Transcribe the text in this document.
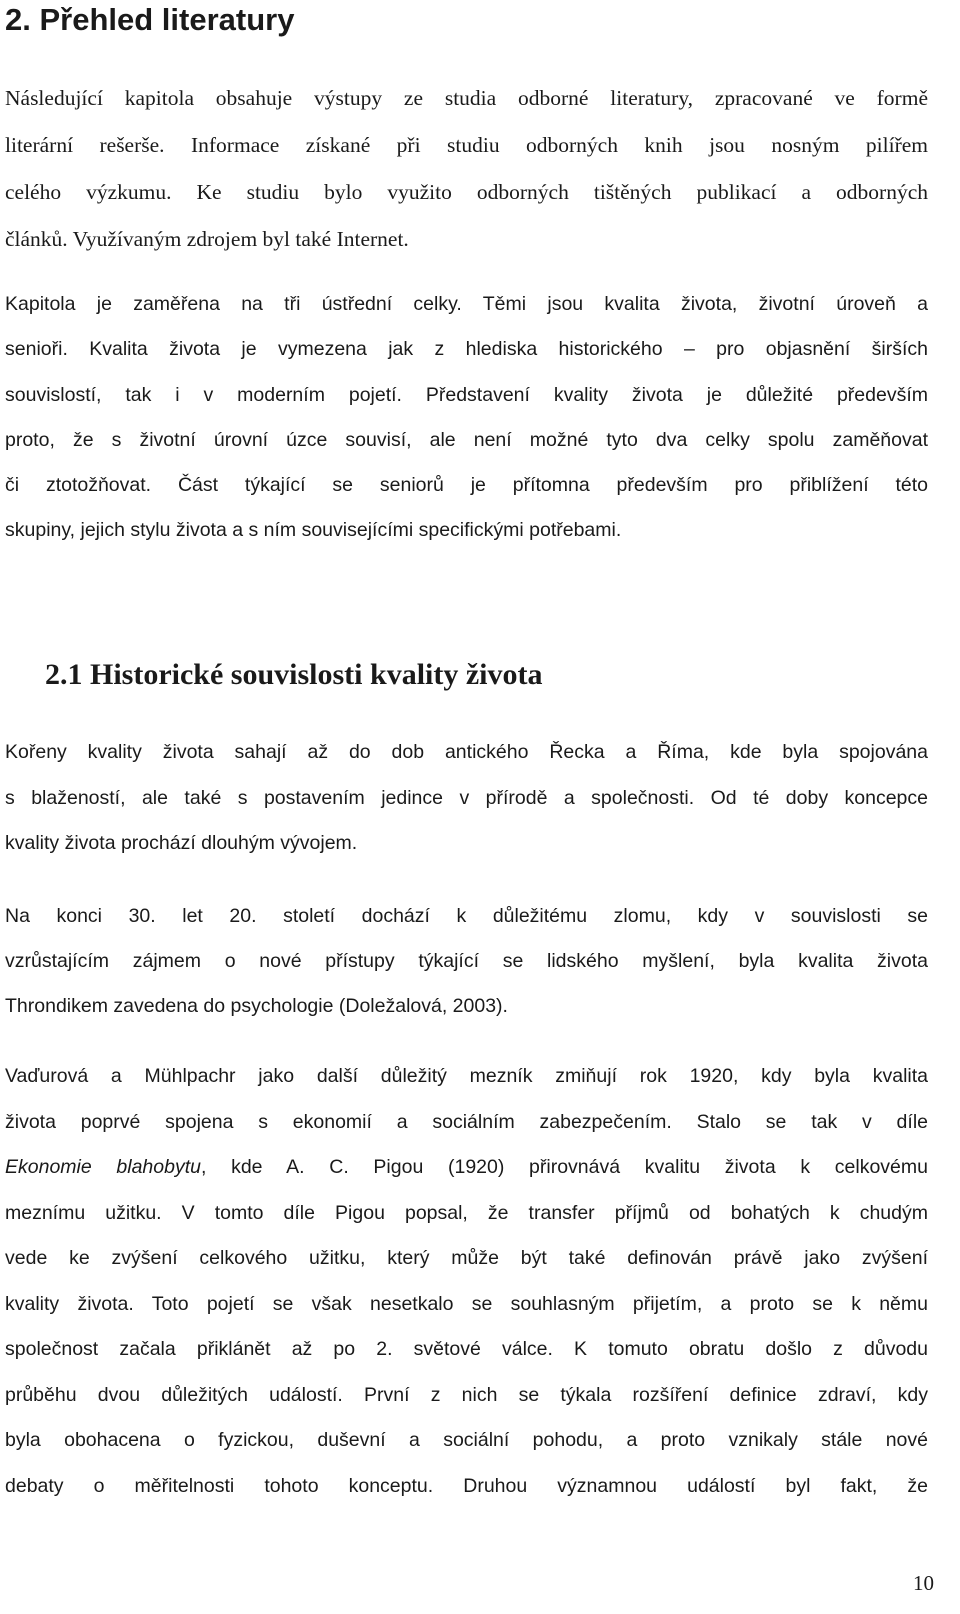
2. Přehled literatury

Následující kapitola obsahuje výstupy ze studia odborné literatury, zpracované ve formě
literární rešerše. Informace získané při studiu odborných knih jsou nosným pilířem
celého výzkumu. Ke studiu bylo využito odborných tištěných publikací a odborných
článků. Využívaným zdrojem byl také Internet.

Kapitola je zaměřena na tři ústřední celky. Těmi jsou kvalita života, životní úroveň a
senioři. Kvalita života je vymezena jak z hlediska historického – pro objasnění širších
souvislostí, tak i v moderním pojetí. Představení kvality života je důležité především
proto, že s životní úrovní úzce souvisí, ale není možné tyto dva celky spolu zaměňovat
či ztotožňovat. Část týkající se seniorů je přítomna především pro přiblížení této
skupiny, jejich stylu života a s ním souvisejícími specifickými potřebami.

2.1 Historické souvislosti kvality života

Kořeny kvality života sahají až do dob antického Řecka a Říma, kde byla spojována
s blažeností, ale také s postavením jedince v přírodě a společnosti. Od té doby koncepce
kvality života prochází dlouhým vývojem.

Na konci 30. let 20. století dochází k důležitému zlomu, kdy v souvislosti se
vzrůstajícím zájmem o nové přístupy týkající se lidského myšlení, byla kvalita života
Throndikem zavedena do psychologie (Doležalová, 2003).

Vaďurová a Mühlpachr jako další důležitý mezník zmiňují rok 1920, kdy byla kvalita
života poprvé spojena s ekonomií a sociálním zabezpečením. Stalo se tak v díle
Ekonomie blahobytu, kde A. C. Pigou (1920) přirovnává kvalitu života k celkovému
meznímu užitku. V tomto díle Pigou popsal, že transfer příjmů od bohatých k chudým
vede ke zvýšení celkového užitku, který může být také definován právě jako zvýšení
kvality života. Toto pojetí se však nesetkalo se souhlasným přijetím, a proto se k němu
společnost začala přiklánět až po 2. světové válce. K tomuto obratu došlo z důvodu
průběhu dvou důležitých událostí. První z nich se týkala rozšíření definice zdraví, kdy
byla obohacena o fyzickou, duševní a sociální pohodu, a proto vznikaly stále nové
debaty o měřitelnosti tohoto konceptu. Druhou významnou událostí byl fakt, že

10
